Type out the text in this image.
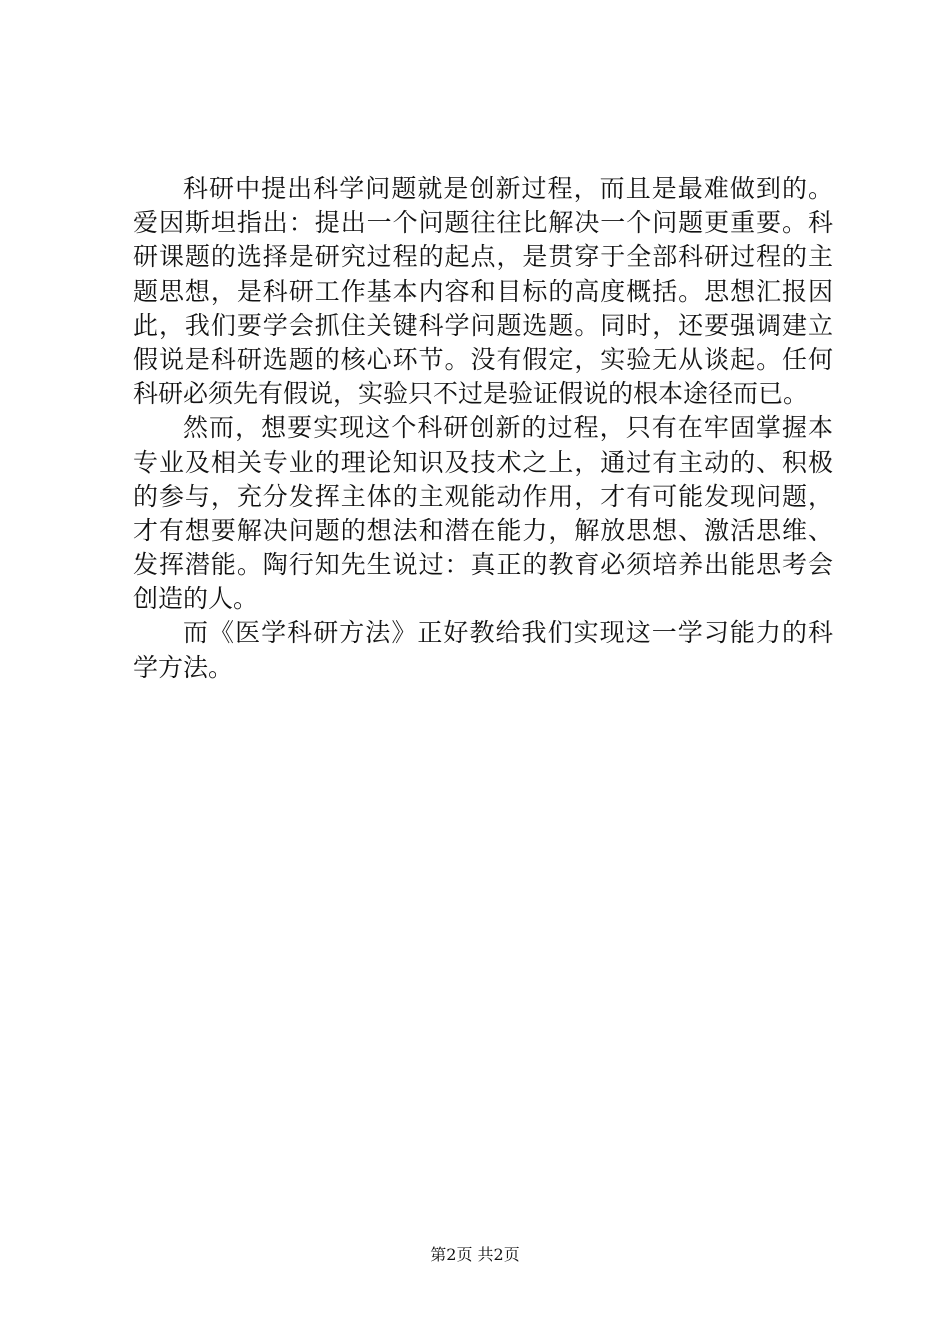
科研中提出科学问题就是创新过程，而且是最难做到的。
爱因斯坦指出：提出一个问题往往比解决一个问题更重要。科
研课题的选择是研究过程的起点，是贯穿于全部科研过程的主
题思想，是科研工作基本内容和目标的高度概括。思想汇报因
此，我们要学会抓住关键科学问题选题。同时，还要强调建立
假说是科研选题的核心环节。没有假定，实验无从谈起。任何
科研必须先有假说，实验只不过是验证假说的根本途径而已。
然而，想要实现这个科研创新的过程，只有在牢固掌握本
专业及相关专业的理论知识及技术之上，通过有主动的、积极
的参与，充分发挥主体的主观能动作用，才有可能发现问题，
才有想要解决问题的想法和潜在能力，解放思想、激活思维、
发挥潜能。陶行知先生说过：真正的教育必须培养出能思考会
创造的人。
而《医学科研方法》正好教给我们实现这一学习能力的科
学方法。
第2页 共2页
